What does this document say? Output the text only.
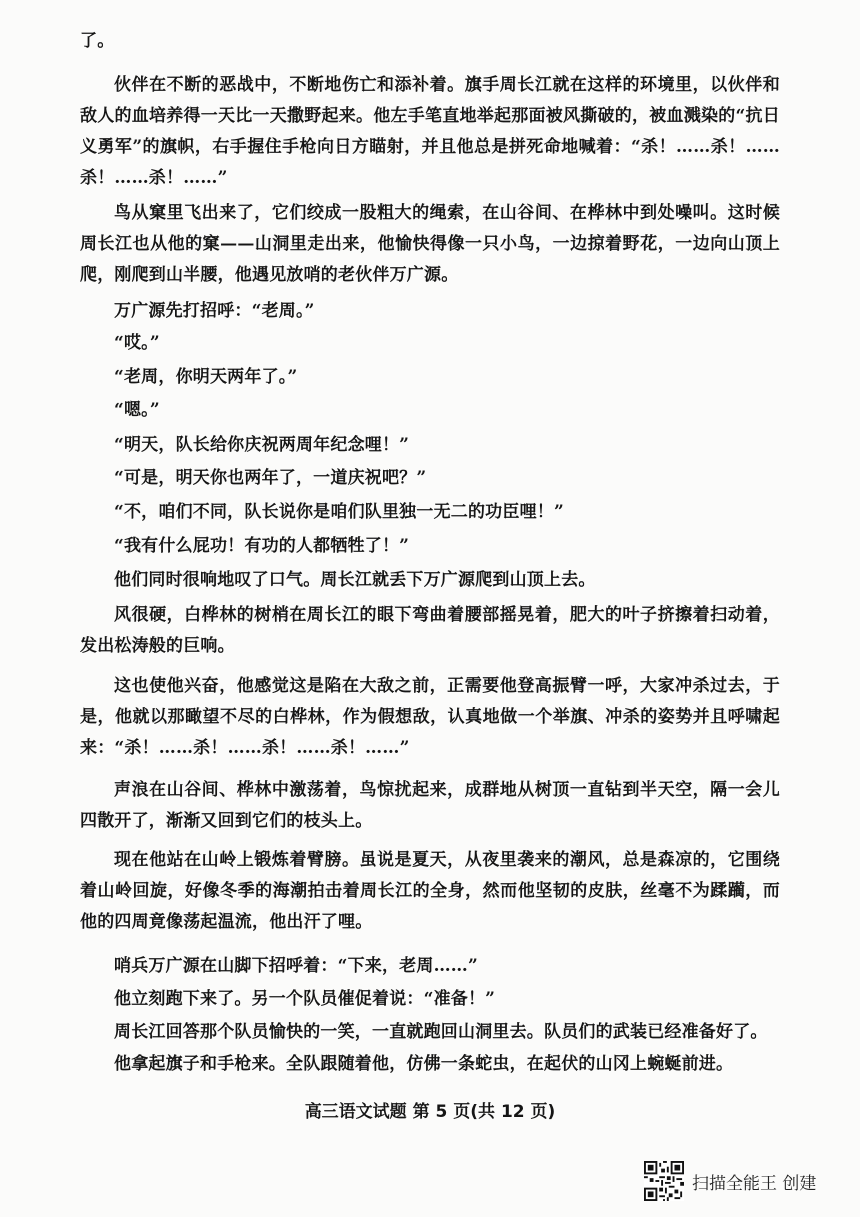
了。

伙伴在不断的恶战中，不断地伤亡和添补着。旗手周长江就在这样的环境里，以伙伴和敌人的血培养得一天比一天撒野起来。他左手笔直地举起那面被风撕破的，被血溅染的“抗日义勇军”的旗帜，右手握住手枪向日方瞄射，并且他总是拼死命地喊着：“杀！……杀！……杀！……杀！……”

鸟从窠里飞出来了，它们绞成一股粗大的绳索，在山谷间、在桦林中到处噪叫。这时候周长江也从他的窠——山洞里走出来，他愉快得像一只小鸟，一边掠着野花，一边向山顶上爬，刚爬到山半腰，他遇见放哨的老伙伴万广源。

万广源先打招呼：“老周。”

“哎。”

“老周，你明天两年了。”

“嗯。”

“明天，队长给你庆祝两周年纪念哩！”

“可是，明天你也两年了，一道庆祝吧？”

“不，咱们不同，队长说你是咱们队里独一无二的功臣哩！”

“我有什么屁功！有功的人都牺牲了！”

他们同时很响地叹了口气。周长江就丢下万广源爬到山顶上去。

风很硬，白桦林的树梢在周长江的眼下弯曲着腰部摇晃着，肥大的叶子挤擦着扫动着，发出松涛般的巨响。

这也使他兴奋，他感觉这是陷在大敌之前，正需要他登高振臂一呼，大家冲杀过去，于是，他就以那瞰望不尽的白桦林，作为假想敌，认真地做一个举旗、冲杀的姿势并且呼啸起来：“杀！……杀！……杀！……杀！……”

声浪在山谷间、桦林中激荡着，鸟惊扰起来，成群地从树顶一直钻到半天空，隔一会儿四散开了，渐渐又回到它们的枝头上。

现在他站在山岭上锻炼着臂膀。虽说是夏天，从夜里袭来的潮风，总是森凉的，它围绕着山岭回旋，好像冬季的海潮拍击着周长江的全身，然而他坚韧的皮肤，丝毫不为蹂躏，而他的四周竟像荡起温流，他出汗了哩。

哨兵万广源在山脚下招呼着：“下来，老周……”

他立刻跑下来了。另一个队员催促着说：“准备！”

周长江回答那个队员愉快的一笑，一直就跑回山洞里去。队员们的武装已经准备好了。

他拿起旗子和手枪来。全队跟随着他，仿佛一条蛇虫，在起伏的山冈上蜿蜒前进。

高三语文试题 第 5 页(共 12 页)
扫描全能王 创建
